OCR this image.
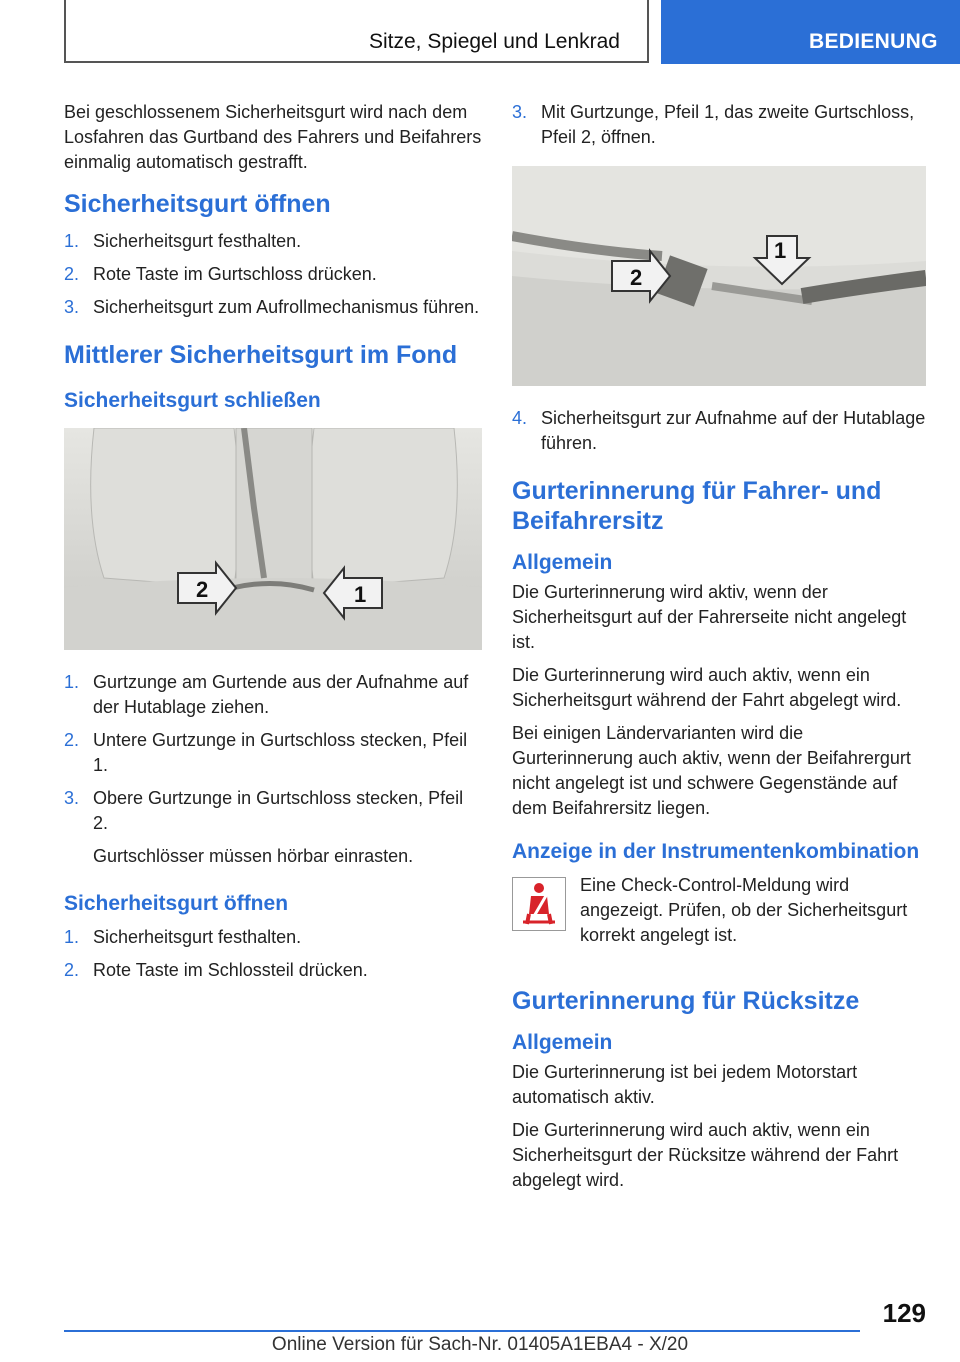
Sitze, Spiegel und Lenkrad	BEDIENUNG

Bei geschlossenem Sicherheitsgurt wird nach dem Losfahren das Gurtband des Fahrers und Beifahrers einmalig automatisch gestrafft.

Sicherheitsgurt öffnen
1. Sicherheitsgurt festhalten.
2. Rote Taste im Gurtschloss drücken.
3. Sicherheitsgurt zum Aufrollmechanismus führen.
Mittlerer Sicherheitsgurt im Fond
Sicherheitsgurt schließen
2	1
1. Gurtzunge am Gurtende aus der Aufnahme auf der Hutablage ziehen.
2. Untere Gurtzunge in Gurtschloss stecken, Pfeil 1.
3. Obere Gurtzunge in Gurtschloss stecken, Pfeil 2.
Gurtschlösser müssen hörbar einrasten.
Sicherheitsgurt öffnen
1. Sicherheitsgurt festhalten.
2. Rote Taste im Schlossteil drücken.
3. Mit Gurtzunge, Pfeil 1, das zweite Gurtschloss, Pfeil 2, öffnen.
2
1
4. Sicherheitsgurt zur Aufnahme auf der Hutablage führen.
Gurterinnerung für Fahrer- und Beifahrersitz
Allgemein

Die Gurterinnerung wird aktiv, wenn der Sicherheitsgurt auf der Fahrerseite nicht angelegt ist.

Die Gurterinnerung wird auch aktiv, wenn ein Sicherheitsgurt während der Fahrt abgelegt wird.

Bei einigen Ländervarianten wird die Gurterinnerung auch aktiv, wenn der Beifahrergurt nicht angelegt ist und schwere Gegenstände auf dem Beifahrersitz liegen.

Anzeige in der Instrumentenkombination

Eine Check-Control-Meldung wird angezeigt. Prüfen, ob der Sicherheitsgurt korrekt angelegt ist.

Gurterinnerung für Rücksitze
Allgemein

Die Gurterinnerung ist bei jedem Motorstart automatisch aktiv.

Die Gurterinnerung wird auch aktiv, wenn ein Sicherheitsgurt der Rücksitze während der Fahrt abgelegt wird.

129
Online Version für Sach-Nr. 01405A1EBA4 - X/20
